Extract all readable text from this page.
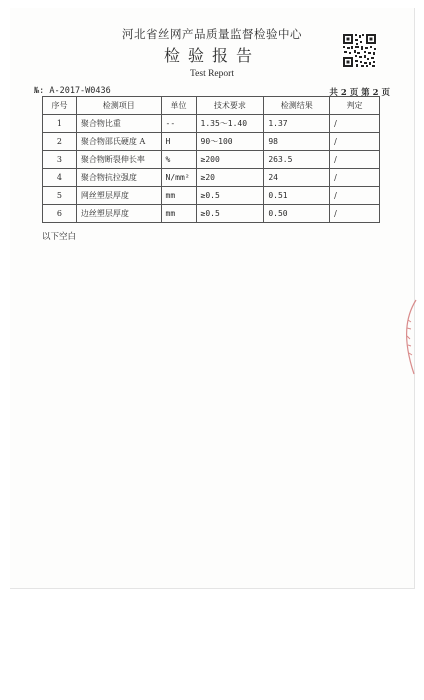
河北省丝网产品质量监督检验中心
检验报告
Test Report
№: A-2017-W0436	共 2 页 第 2 页
序号	检测项目	单位	技术要求	检测结果	判定
1	聚合物比重	--	1.35～1.40	1.37	/
2	聚合物邵氏硬度 A	H	90～100	98	/
3	聚合物断裂伸长率	%	≥200	263.5	/
4	聚合物抗拉强度	N/mm²	≥20	24	/
5	网丝塑层厚度	mm	≥0.5	0.51	/
6	边丝塑层厚度	mm	≥0.5	0.50	/
以下空白
